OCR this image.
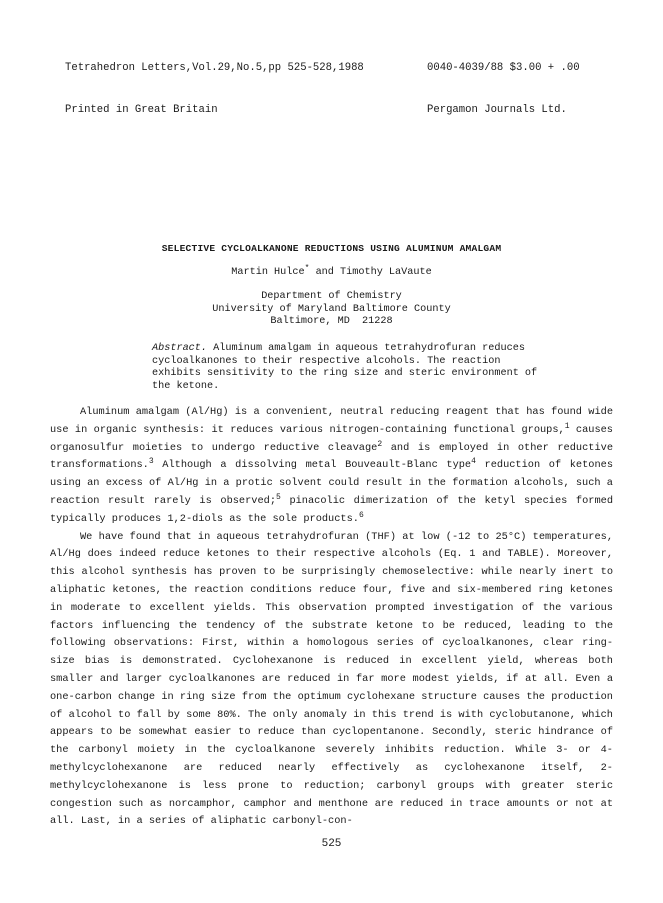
Tetrahedron Letters,Vol.29,No.5,pp 525-528,1988

Printed in Great Britain

0040-4039/88 $3.00 + .00

Pergamon Journals Ltd.

SELECTIVE CYCLOALKANONE REDUCTIONS USING ALUMINUM AMALGAM
Martin Hulce* and Timothy LaVaute
Department of Chemistry
University of Maryland Baltimore County
Baltimore, MD  21228
Abstract. Aluminum amalgam in aqueous tetrahydrofuran reduces cycloalkanones to their respective alcohols. The reaction exhibits sensitivity to the ring size and steric environment of the ketone.

Aluminum amalgam (Al/Hg) is a convenient, neutral reducing reagent that has found wide use in organic synthesis: it reduces various nitrogen-containing functional groups,$^1$ causes organosulfur moieties to undergo reductive cleavage$^2$ and is employed in other reductive transformations.$^3$ Although a dissolving metal Bouveault-Blanc type$^4$ reduction of ketones using an excess of Al/Hg in a protic solvent could result in the formation alcohols, such a reaction result rarely is observed;$^5$ pinacolic dimerization of the ketyl species formed typically produces 1,2-diols as the sole products.$^6$

We have found that in aqueous tetrahydrofuran (THF) at low (-12 to 25°C) temperatures, Al/Hg does indeed reduce ketones to their respective alcohols (Eq. 1 and TABLE). Moreover, this alcohol synthesis has proven to be surprisingly chemoselective: while nearly inert to aliphatic ketones, the reaction conditions reduce four, five and six-membered ring ketones in moderate to excellent yields. This observation prompted investigation of the various factors influencing the tendency of the substrate ketone to be reduced, leading to the following observations: First, within a homologous series of cycloalkanones, clear ring-size bias is demonstrated. Cyclohexanone is reduced in excellent yield, whereas both smaller and larger cycloalkanones are reduced in far more modest yields, if at all. Even a one-carbon change in ring size from the optimum cyclohexane structure causes the production of alcohol to fall by some 80%. The only anomaly in this trend is with cyclobutanone, which appears to be somewhat easier to reduce than cyclopentanone. Secondly, steric hindrance of the carbonyl moiety in the cycloalkanone severely inhibits reduction. While 3- or 4-methylcyclohexanone are reduced nearly effectively as cyclohexanone itself, 2-methylcyclohexanone is less prone to reduction; carbonyl groups with greater steric congestion such as norcamphor, camphor and menthone are reduced in trace amounts or not at all. Last, in a series of aliphatic carbonyl-con-

525
